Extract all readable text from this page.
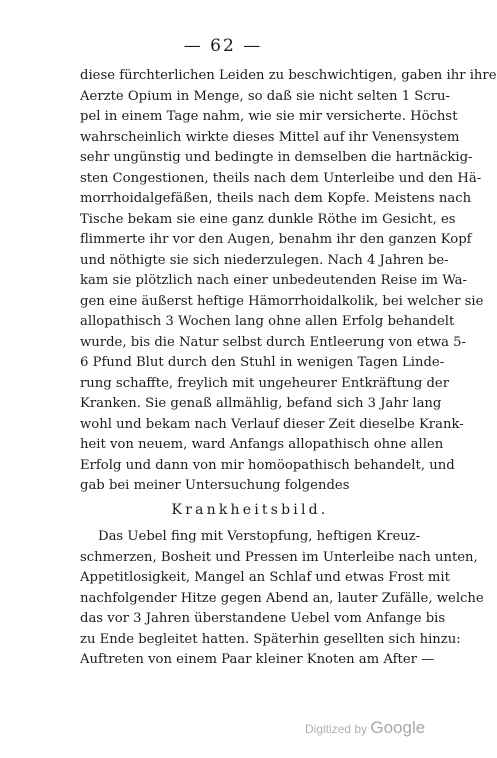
— 62 —
diese fürchterlichen Leiden zu beschwichtigen, gaben ihr ihre
Aerzte Opium in Menge, so daß sie nicht selten 1 Scru-
pel in einem Tage nahm, wie sie mir versicherte. Höchst
wahrscheinlich wirkte dieses Mittel auf ihr Venensystem
sehr ungünstig und bedingte in demselben die hartnäckig-
sten Congestionen, theils nach dem Unterleibe und den Hä-
morrhoidalgefäßen, theils nach dem Kopfe. Meistens nach
Tische bekam sie eine ganz dunkle Röthe im Gesicht, es
flimmerte ihr vor den Augen, benahm ihr den ganzen Kopf
und nöthigte sie sich niederzulegen. Nach 4 Jahren be-
kam sie plötzlich nach einer unbedeutenden Reise im Wa-
gen eine äußerst heftige Hämorrhoidalkolik, bei welcher sie
allopathisch 3 Wochen lang ohne allen Erfolg behandelt
wurde, bis die Natur selbst durch Entleerung von etwa 5-
6 Pfund Blut durch den Stuhl in wenigen Tagen Linde-
rung schaffte, freylich mit ungeheurer Entkräftung der
Kranken. Sie genaß allmählig, befand sich 3 Jahr lang
wohl und bekam nach Verlauf dieser Zeit dieselbe Krank-
heit von neuem, ward Anfangs allopathisch ohne allen
Erfolg und dann von mir homöopathisch behandelt, und
gab bei meiner Untersuchung folgendes
Krankheitsbild.
Das Uebel fing mit Verstopfung, heftigen Kreuz-
schmerzen, Bosheit und Pressen im Unterleibe nach unten,
Appetitlosigkeit, Mangel an Schlaf und etwas Frost mit
nachfolgender Hitze gegen Abend an, lauter Zufälle, welche
das vor 3 Jahren überstandene Uebel vom Anfange bis
zu Ende begleitet hatten. Späterhin gesellten sich hinzu:
Auftreten von einem Paar kleiner Knoten am After —
Digitized by Google
